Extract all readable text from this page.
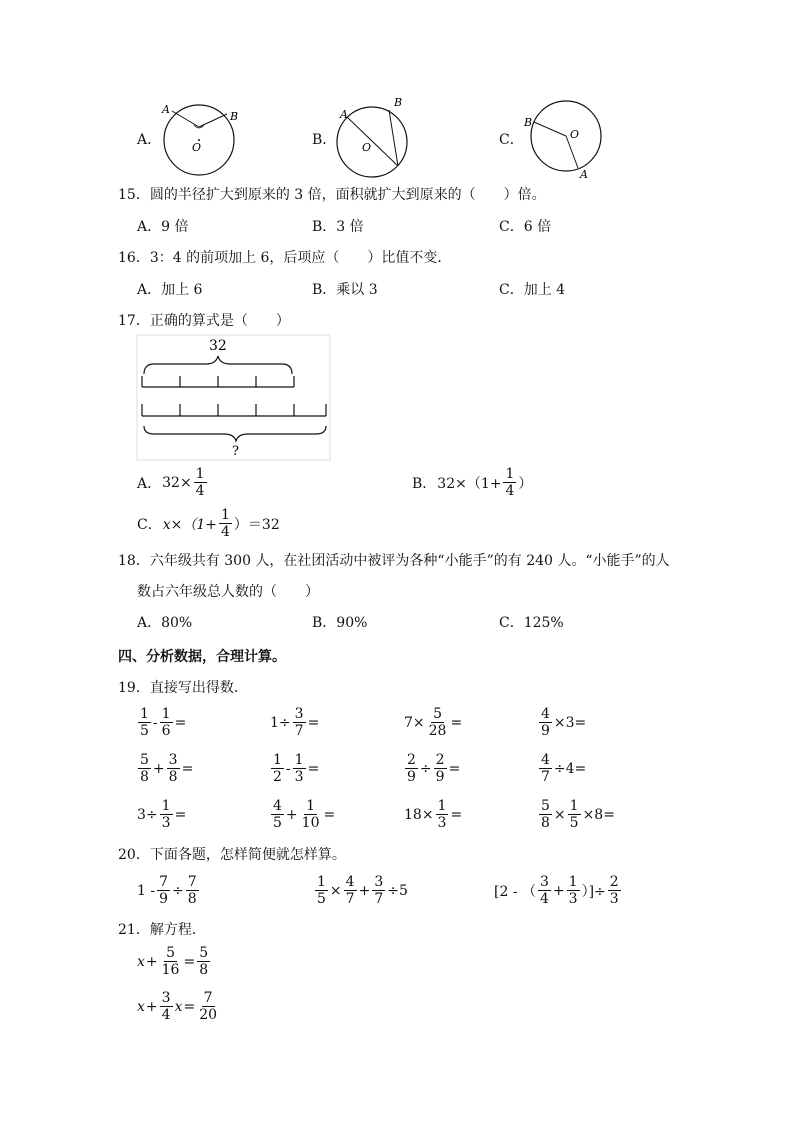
A．
A
B
O	B．
A
B
O	C．
B
A
O
15．圆的半径扩大到原来的 3 倍，面积就扩大到原来的（　　）倍。
A．9 倍	B．3 倍	C．6 倍
16．3：4 的前项加上 6，后项应（　　）比值不变．
A．加上 6	B．乘以 3	C．加上 4
17．正确的算式是（　　）
32
?
A． $32\times \frac{1}{4}$	B． $32\times(1+ \frac{1}{4}$ ）
C． $x\times(1+ \frac{1}{4} )=32$
18．六年级共有 300 人，在社团活动中被评为各种“小能手”的有 240 人。“小能手”的人
数占六年级总人数的（　　）
A．80%	B．90%	C．125%
四、分析数据，合理计算。
19．直接写出得数．
$\frac{1}{5} - \frac{1}{6}$ =	$1\div \frac{3}{7}$ =	$7\times \frac{5}{28}$ =	$\frac{4}{9} \times 3=$
$\frac{5}{8} + \frac{3}{8}$ =	$\frac{1}{2} - \frac{1}{3}$ =	$\frac{2}{9} \div \frac{2}{9}$ =	$\frac{4}{7} \div 4=$
$3\div \frac{1}{3}$ =	$\frac{4}{5} + \frac{1}{10}$ =	$18\times \frac{1}{3}$ =	$\frac{5}{8} \times \frac{1}{5} \times 8=$
20．下面各题，怎样简便就怎样算。
$1 - \frac{7}{9} \div \frac{7}{8}$	$\frac{1}{5} \times \frac{4}{7} + \frac{3}{7} \div 5$	[2 - （ $\frac{3}{4} + \frac{1}{3}$ ）]÷ $\frac{2}{3}$
21．解方程．
$x + \frac{5}{16} = \frac{5}{8}$
$x + \frac{3}{4}$ $x = \frac{7}{20}$
